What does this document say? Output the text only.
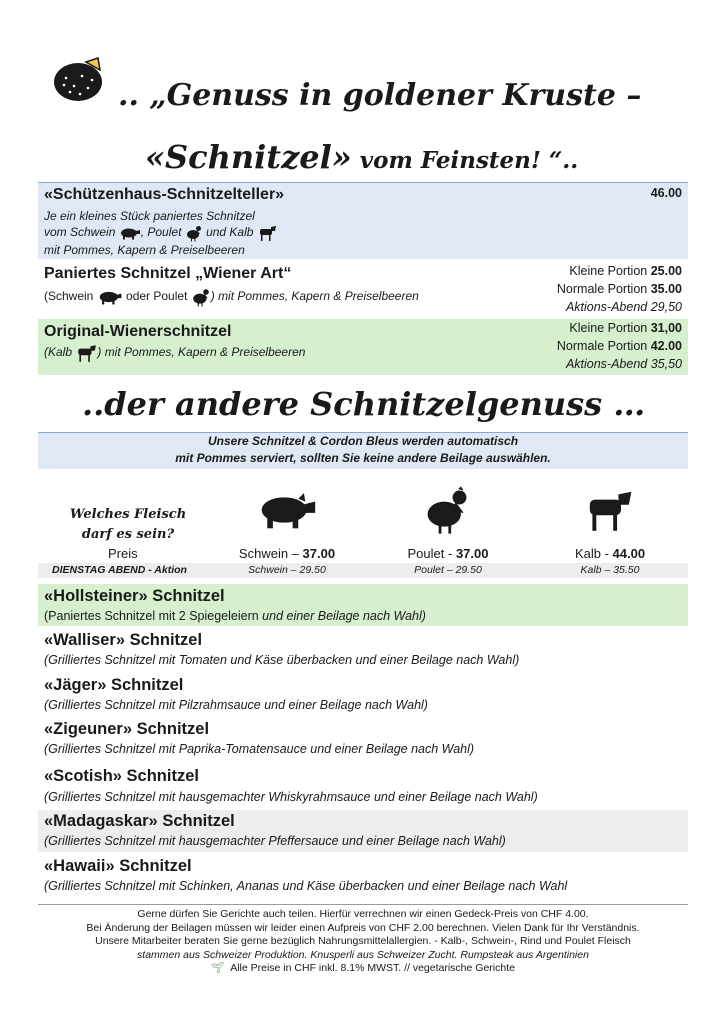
.. „Genuss in goldener Kruste –
«Schnitzel» vom Feinsten! “..
«Schützenhaus-Schnitzelteller»	46.00
Je ein kleines Stück paniertes Schnitzel
vom Schwein , Poulet  und Kalb
mit Pommes, Kapern & Preiselbeeren
Paniertes Schnitzel „Wiener Art“
(Schwein  oder Poulet ) mit Pommes, Kapern & Preiselbeeren
Kleine Portion 25.00
Normale Portion 35.00
Aktions-Abend 29,50
Original-Wienerschnitzel
(Kalb ) mit Pommes, Kapern & Preiselbeeren
Kleine Portion 31,00
Normale Portion 42.00
Aktions-Abend 35,50
..der andere Schnitzelgenuss …
Unsere Schnitzel & Cordon Bleus werden automatisch
mit Pommes serviert, sollten Sie keine andere Beilage auswählen.
Welches Fleisch
darf es sein?
Preis	Schwein – 37.00	Poulet - 37.00	Kalb - 44.00
DIENSTAG ABEND - Aktion	Schwein – 29.50	Poulet – 29.50	Kalb – 35.50
«Hollsteiner» Schnitzel
(Paniertes Schnitzel mit 2 Spiegeleiern und einer Beilage nach Wahl)
«Walliser» Schnitzel
(Grilliertes Schnitzel mit Tomaten und Käse überbacken und einer Beilage nach Wahl)
«Jäger» Schnitzel
(Grilliertes Schnitzel mit Pilzrahmsauce und einer Beilage nach Wahl)
«Zigeuner» Schnitzel
(Grilliertes Schnitzel mit Paprika-Tomatensauce und einer Beilage nach Wahl)
«Scotish» Schnitzel
(Grilliertes Schnitzel mit hausgemachter Whiskyrahmsauce und einer Beilage nach Wahl)
«Madagaskar» Schnitzel
(Grilliertes Schnitzel mit hausgemachter Pfeffersauce und einer Beilage nach Wahl)
«Hawaii» Schnitzel
(Grilliertes Schnitzel mit Schinken, Ananas und Käse überbacken und einer Beilage nach Wahl
Gerne dürfen Sie Gerichte auch teilen. Hierfür verrechnen wir einen Gedeck-Preis von CHF 4.00.
Bei Änderung der Beilagen müssen wir leider einen Aufpreis von CHF 2.00 berechnen. Vielen Dank für Ihr Verständnis.
Unsere Mitarbeiter beraten Sie gerne bezüglich Nahrungsmittelallergien. - Kalb-, Schwein-, Rind und Poulet Fleisch
stammen aus Schweizer Produktion. Knusperli aus Schweizer Zucht. Rumpsteak aus Argentinien
🌱︎ Alle Preise in CHF inkl. 8.1% MWST. // vegetarische Gerichte
